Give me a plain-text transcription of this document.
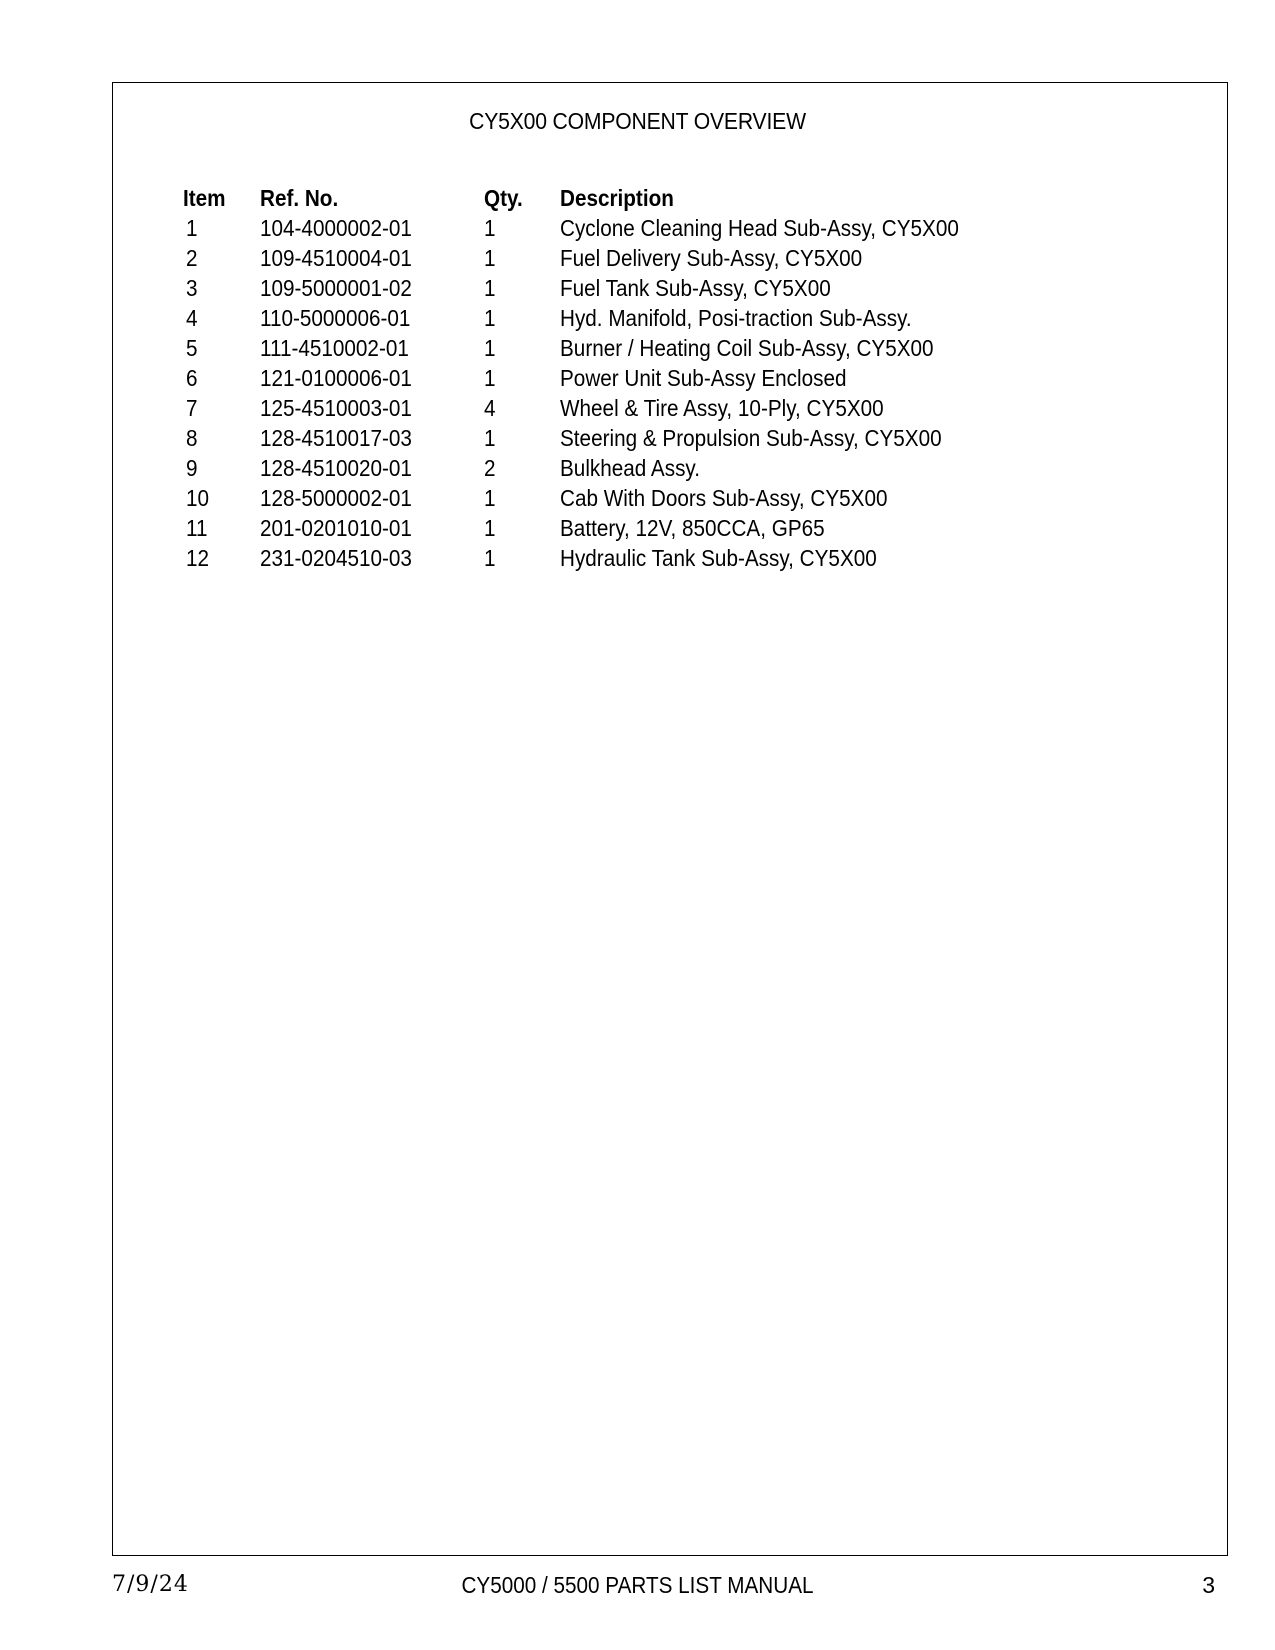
CY5X00 COMPONENT OVERVIEW
Item Ref. No.	Qty. Description
1	104-4000002-01	1	Cyclone Cleaning Head Sub-Assy, CY5X00
2	109-4510004-01	1	Fuel Delivery Sub-Assy, CY5X00
3	109-5000001-02	1	Fuel Tank Sub-Assy, CY5X00
4	110-5000006-01	1	Hyd. Manifold, Posi-traction Sub-Assy.
5	111-4510002-01	1	Burner / Heating Coil Sub-Assy, CY5X00
6	121-0100006-01	1	Power Unit Sub-Assy Enclosed
7	125-4510003-01	4	Wheel & Tire Assy, 10-Ply, CY5X00
8	128-4510017-03	1	Steering & Propulsion Sub-Assy, CY5X00
9	128-4510020-01	2	Bulkhead Assy.
10 128-5000002-01	1	Cab With Doors Sub-Assy, CY5X00
11 201-0201010-01	1	Battery, 12V, 850CCA, GP65
12 231-0204510-03	1	Hydraulic Tank Sub-Assy, CY5X00
7/9/24	CY5000 / 5500 PARTS LIST MANUAL	3
